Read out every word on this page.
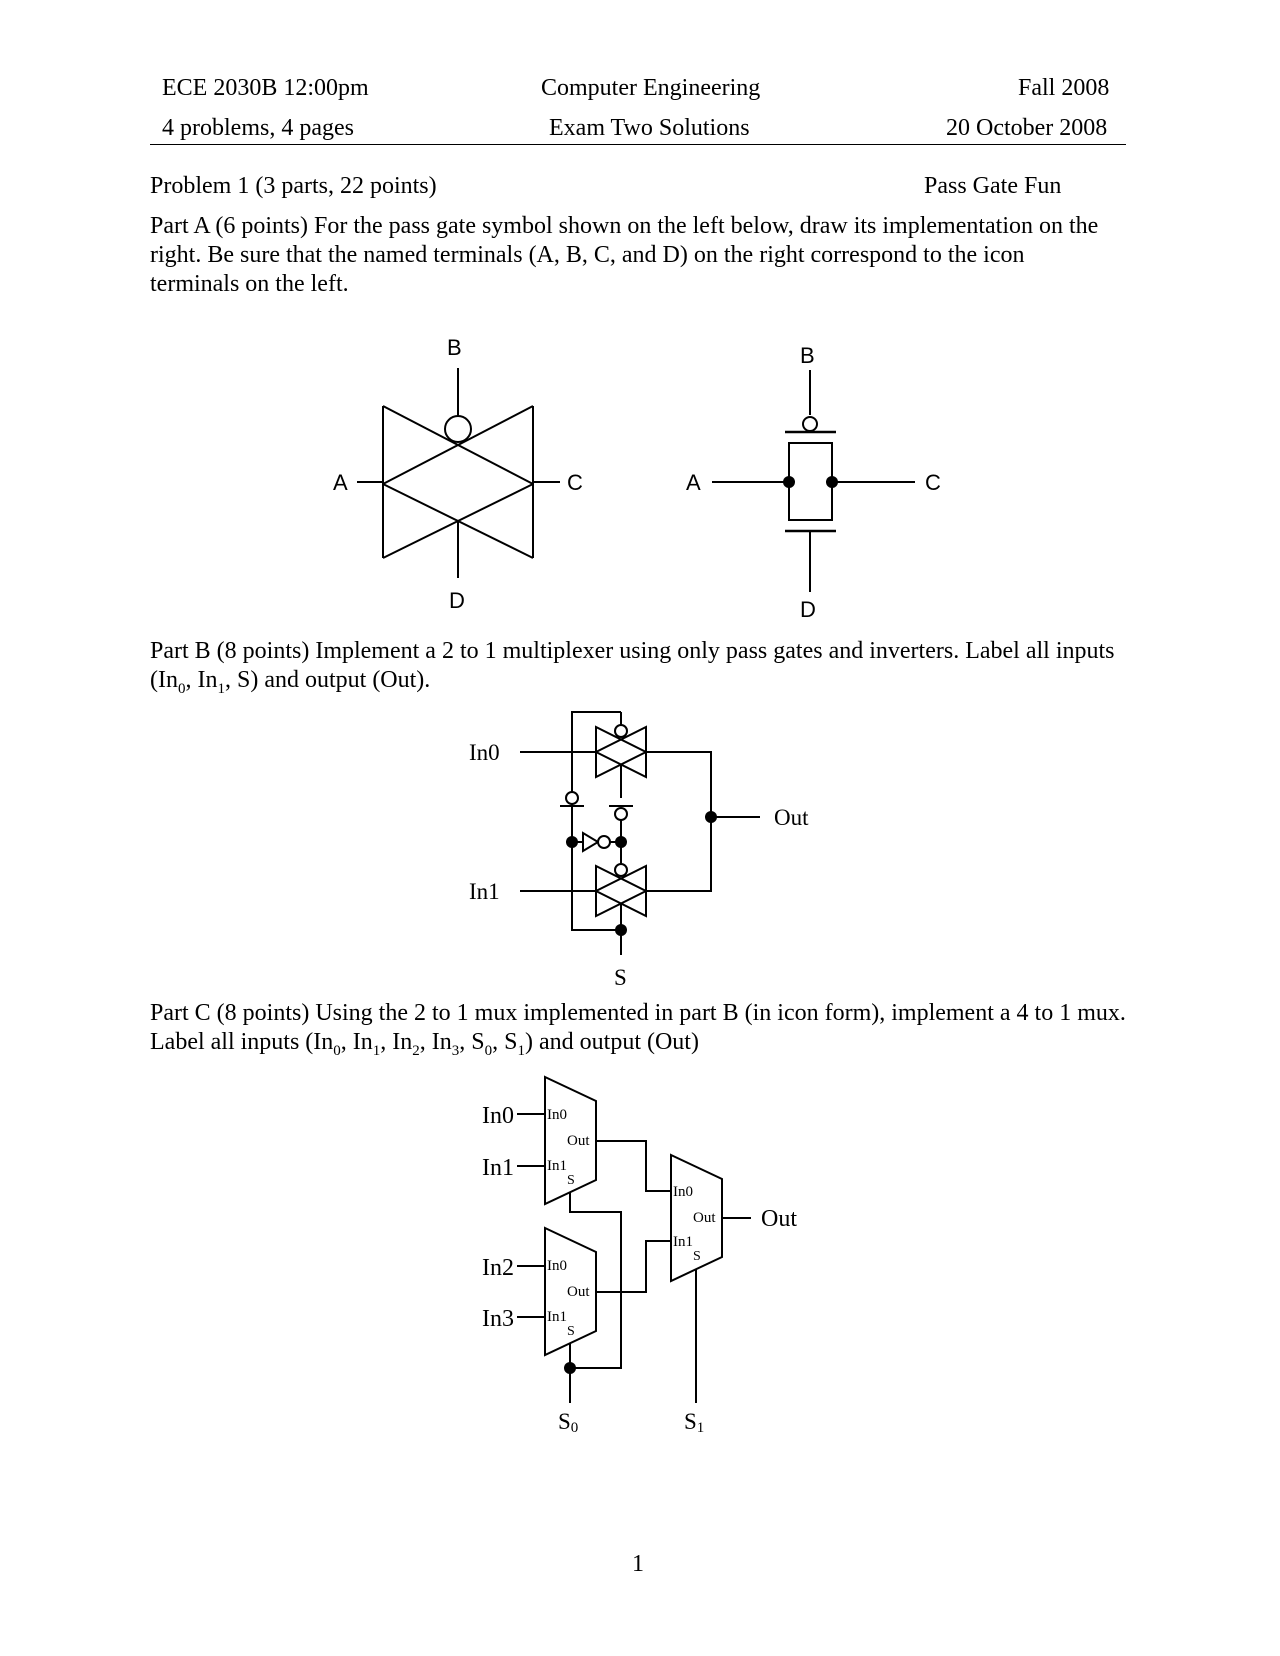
ECE 2030B 12:00pm
4 problems, 4 pages
Computer Engineering
Exam Two Solutions
Fall 2008
20 October 2008
Problem 1 (3 parts, 22 points)	Pass Gate Fun
Part A (6 points) For the pass gate symbol shown on the left below, draw its implementation on the right. Be sure that the named terminals (A, B, C, and D) on the right correspond to the icon terminals on the left.
Part B (8 points) Implement a 2 to 1 multiplexer using only pass gates and inverters. Label all inputs ($In_0$, $In_1$, S) and output (Out).
Part C (8 points) Using the 2 to 1 mux implemented in part B (in icon form), implement a 4 to 1 mux. Label all inputs ($In_0$, $In_1$, $In_2$, $In_3$, $S_0$, $S_1$) and output (Out)
1
B
A	C
D
B
A	C
D
In0
In1
S
Out
In0
Out
In1
S
In0
Out
In1
S
In0
Out
In1
S
In0
In1
In2
In3
Out
S0	S1
